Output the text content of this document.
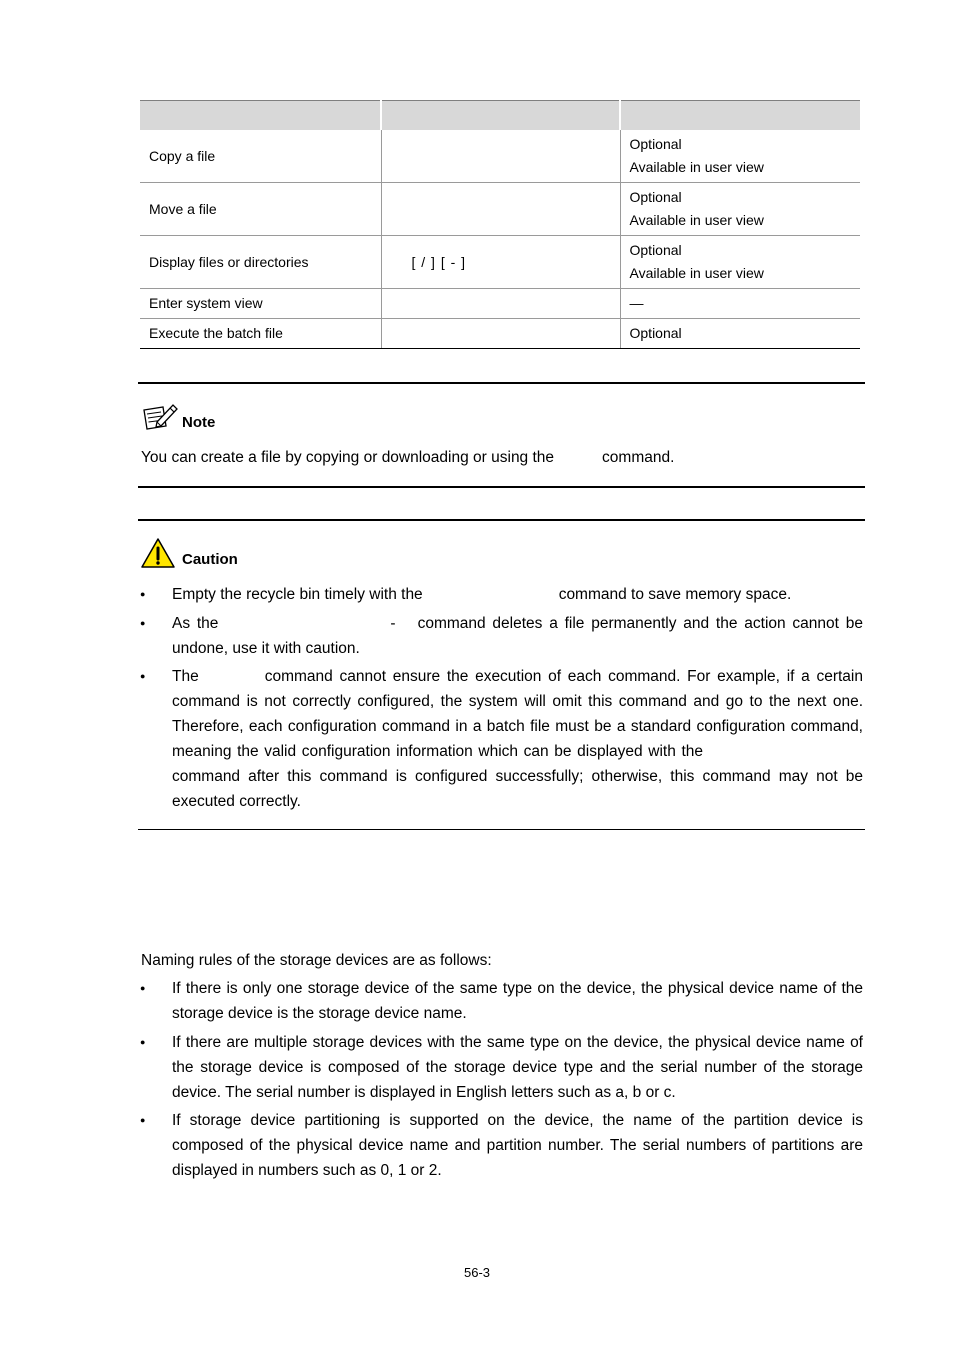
Copy a file		Optional
Available in user view

Move a file		Optional
Available in user view

Display files or directories	[ / ] [ - ]	Optional
Available in user view

Enter system view		—

Execute the batch file		Optional
Note
You can create a file by copying or downloading or using the	command.
Caution
● Empty the recycle bin timely with the	command to save memory space.
● As the	- command deletes a file permanently and the action cannot be undone, use it with caution.
● The	command cannot ensure the execution of each command. For example, if a certain command is not correctly configured, the system will omit this command and go to the next one. Therefore, each configuration command in a batch file must be a standard configuration command, meaning the valid configuration information which can be displayed with thecommand after this command is configured successfully; otherwise, this command may not be executed correctly.
Naming rules of the storage devices are as follows:
● If there is only one storage device of the same type on the device, the physical device name of the storage device is the storage device name.
● If there are multiple storage devices with the same type on the device, the physical device name of the storage device is composed of the storage device type and the serial number of the storage device. The serial number is displayed in English letters such as a, b or c.
● If storage device partitioning is supported on the device, the name of the partition device is composed of the physical device name and partition number. The serial numbers of partitions are displayed in numbers such as 0, 1 or 2.
56-3
